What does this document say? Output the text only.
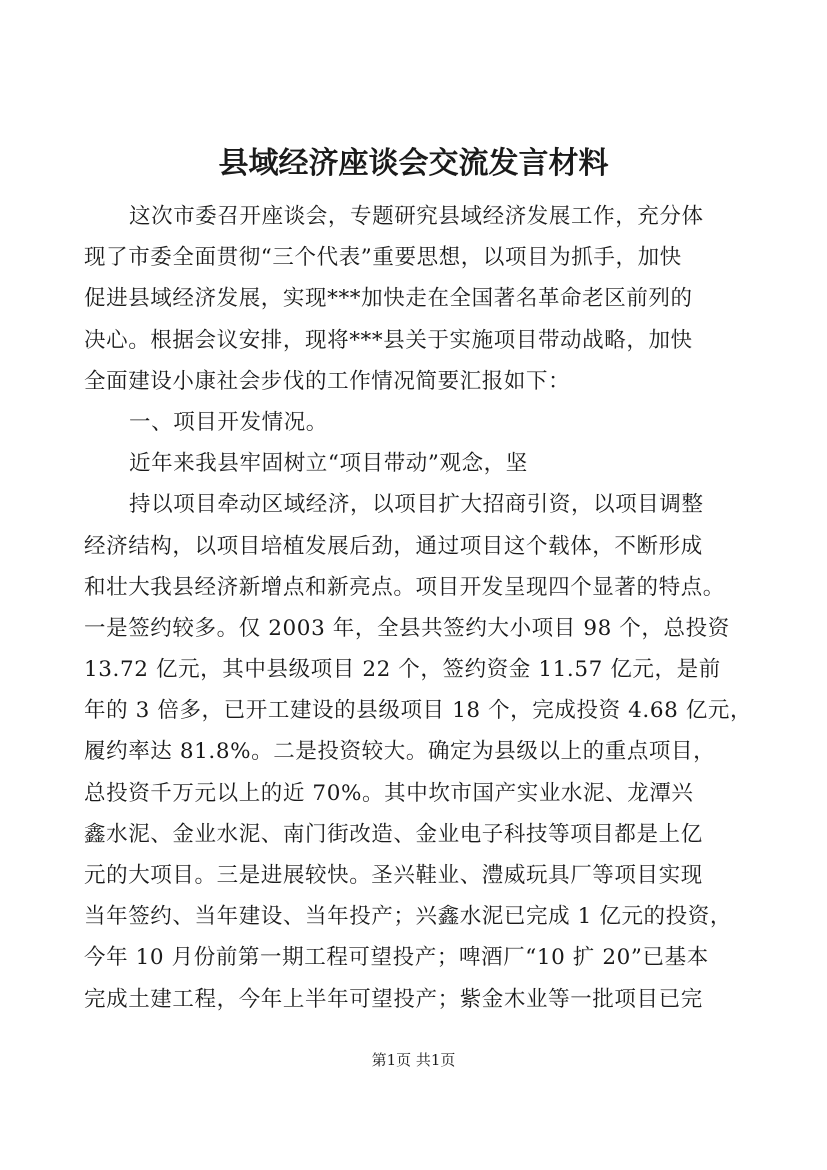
县域经济座谈会交流发言材料
这次市委召开座谈会，专题研究县域经济发展工作，充分体
现了市委全面贯彻“三个代表”重要思想，以项目为抓手，加快
促进县域经济发展，实现***加快走在全国著名革命老区前列的
决心。根据会议安排，现将***县关于实施项目带动战略，加快
全面建设小康社会步伐的工作情况简要汇报如下：
一、项目开发情况。
近年来我县牢固树立“项目带动”观念，坚
持以项目牵动区域经济，以项目扩大招商引资，以项目调整
经济结构，以项目培植发展后劲，通过项目这个载体，不断形成
和壮大我县经济新增点和新亮点。项目开发呈现四个显著的特点。
一是签约较多。仅 2003 年，全县共签约大小项目 98 个，总投资
13.72 亿元，其中县级项目 22 个，签约资金 11.57 亿元，是前
年的 3 倍多，已开工建设的县级项目 18 个，完成投资 4.68 亿元，
履约率达 81.8%。二是投资较大。确定为县级以上的重点项目，
总投资千万元以上的近 70%。其中坎市国产实业水泥、龙潭兴
鑫水泥、金业水泥、南门街改造、金业电子科技等项目都是上亿
元的大项目。三是进展较快。圣兴鞋业、澧威玩具厂等项目实现
当年签约、当年建设、当年投产；兴鑫水泥已完成 1 亿元的投资，
今年 10 月份前第一期工程可望投产；啤酒厂“10 扩 20”已基本
完成土建工程，今年上半年可望投产；紫金木业等一批项目已完
第1页 共1页
